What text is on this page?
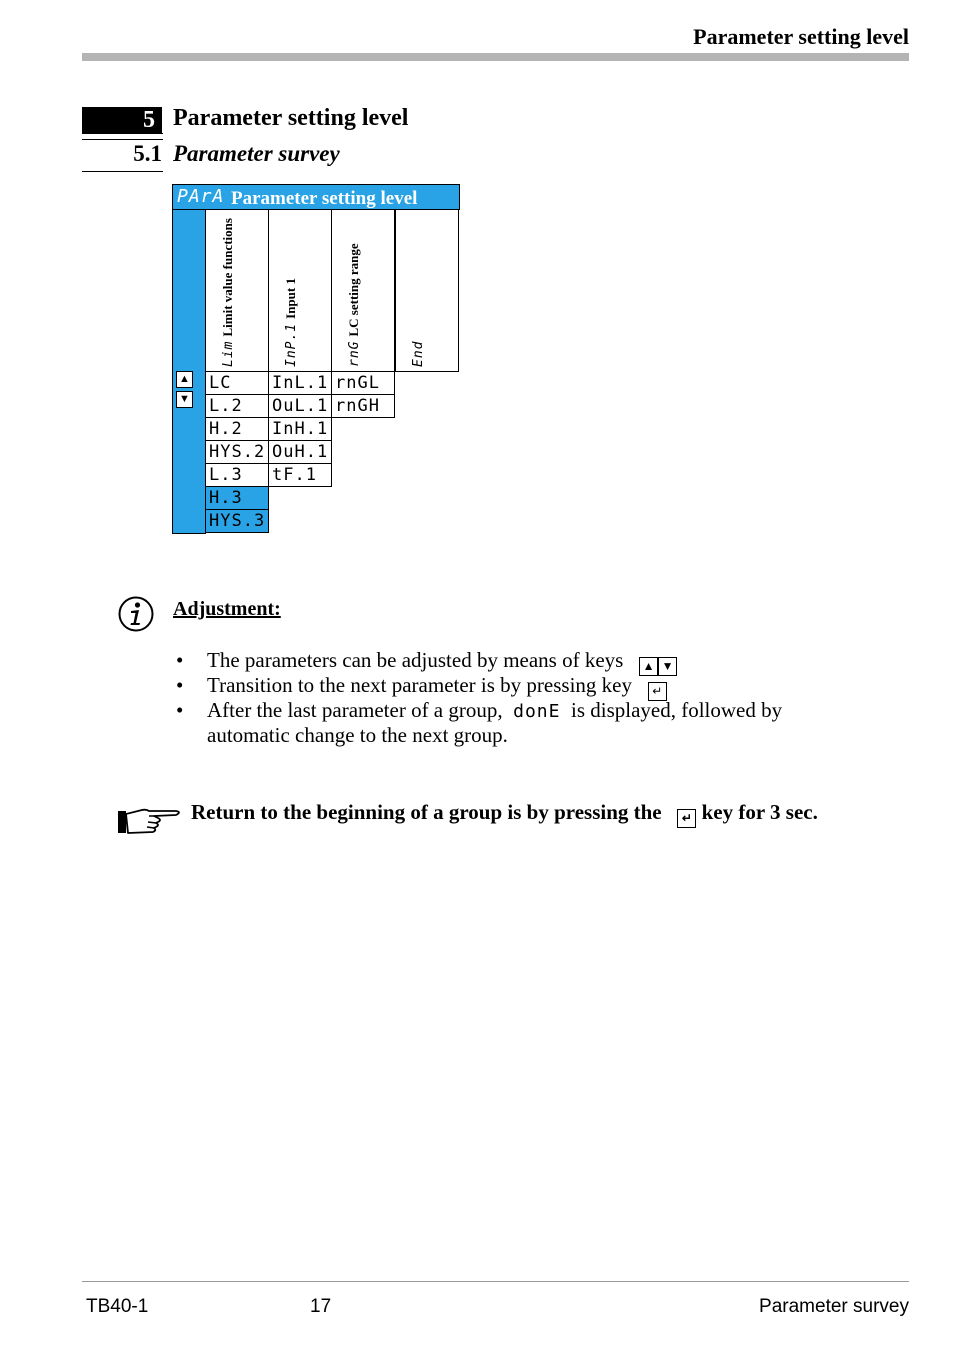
Parameter setting level
5 Parameter setting level
5.1 Parameter survey
PArA Parameter setting level
▲
▼
Lim Limit value functions
InP.1 Input 1
rnG LC setting range
End
LC
L.2
H.2
HYS.2
L.3
H.3
HYS.3
InL.1
OuL.1
InH.1
OuH.1
tF.1
rnGL
rnGH
Adjustment:
• The parameters can be adjusted by means of keys ▲ ▼
• Transition to the next parameter is by pressing key ↵
• After the last parameter of a group, donE is displayed, followed by
automatic change to the next group.
Return to the beginning of a group is by pressing the ↵ key for 3 sec.
TB40-1	17	Parameter survey
